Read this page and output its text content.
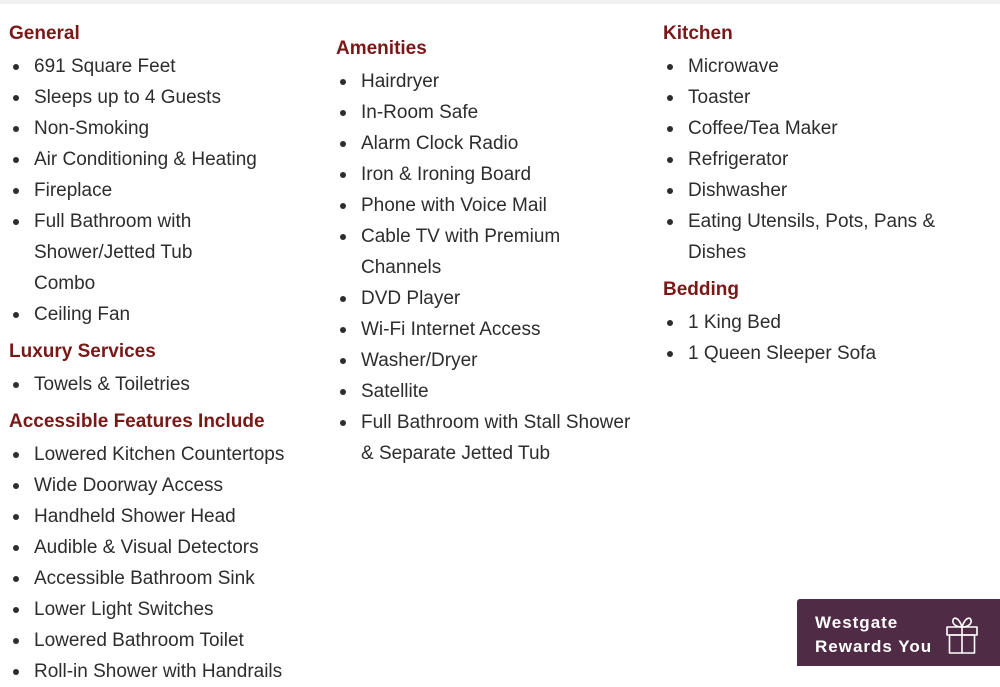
General
691 Square Feet
Sleeps up to 4 Guests
Non-Smoking
Air Conditioning & Heating
Fireplace
Full Bathroom with Shower/Jetted Tub Combo
Ceiling Fan
Luxury Services
Towels & Toiletries
Accessible Features Include
Lowered Kitchen Countertops
Wide Doorway Access
Handheld Shower Head
Audible & Visual Detectors
Accessible Bathroom Sink
Lower Light Switches
Lowered Bathroom Toilet
Roll-in Shower with Handrails
Amenities
Hairdryer
In-Room Safe
Alarm Clock Radio
Iron & Ironing Board
Phone with Voice Mail
Cable TV with Premium Channels
DVD Player
Wi-Fi Internet Access
Washer/Dryer
Satellite
Full Bathroom with Stall Shower & Separate Jetted Tub
Kitchen
Microwave
Toaster
Coffee/Tea Maker
Refrigerator
Dishwasher
Eating Utensils, Pots, Pans & Dishes
Bedding
1 King Bed
1 Queen Sleeper Sofa
Westgate
Rewards You
